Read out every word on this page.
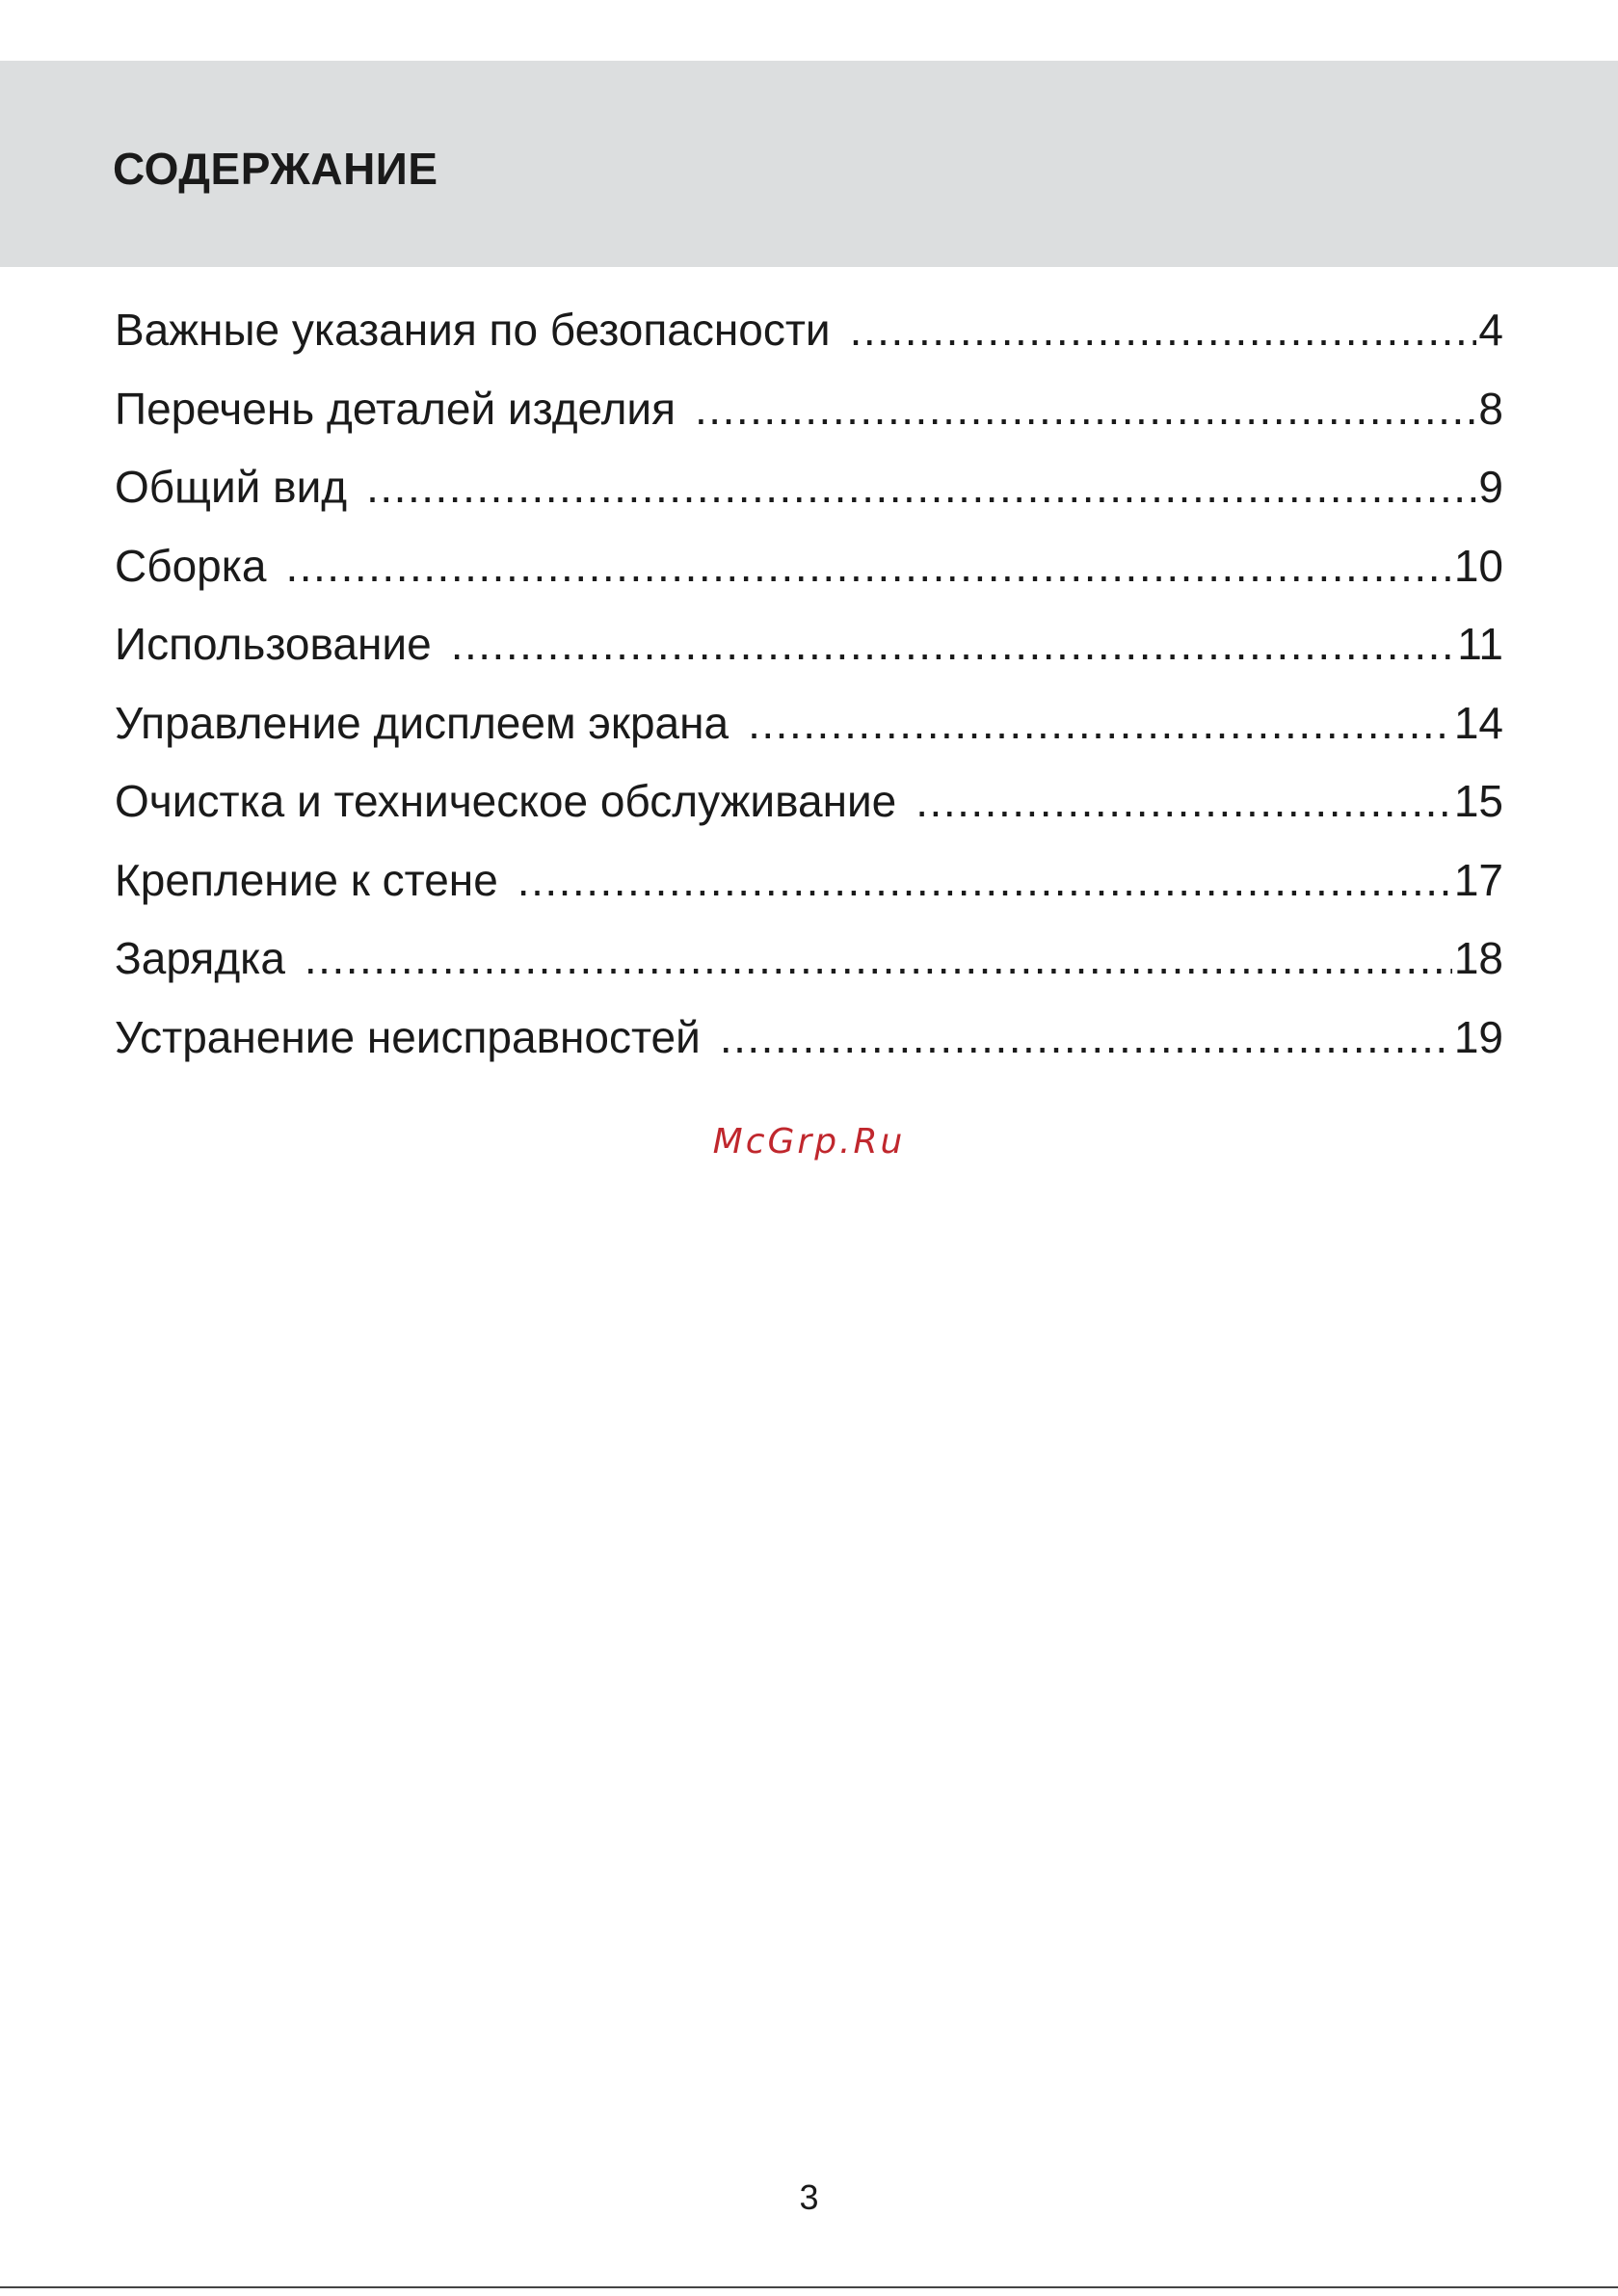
СОДЕРЖАНИЕ
Важные указания по безопасности .....	4
Перечень деталей изделия .....	8
Общий вид .....	9
Сборка .....	10
Использование .....	11
Управление дисплеем экрана .....	14
Очистка и техническое обслуживание .....	15
Крепление к стене .....	17
Зарядка .....	18
Устранение неисправностей .....	19
McGrp.Ru
3
